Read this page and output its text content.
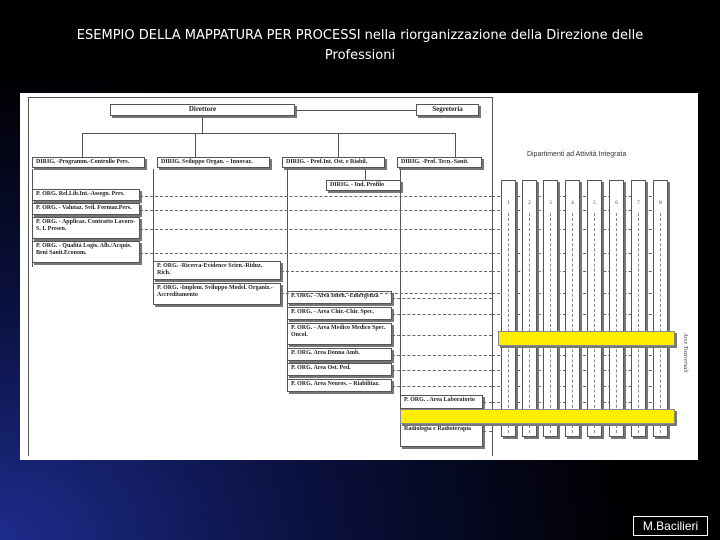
ESEMPIO DELLA MAPPATURA PER PROCESSI nella riorganizzazione della Direzione delle Professioni
Direttore	Segreteria
DIRIG. -Programm.-Controllo Pers.	DIRIG. Sviluppo Organ. – Innovaz.	DIRIG. - Prof.Int. Ost. e Riabil.	DIRIG. -Prof. Tecn.-Sanit.
DIRIG. - Ind. Profilo
P. ORG. Rel.Lib.Int.-Assegn. Pers.
P. ORG. - Valutaz. Svil. Formaz.Pers.
P. ORG. - Applicaz. Contratto Lavoro-S. I. Presen.
P. ORG. - Qualità Logis. Alb./Acquis. Beni Sanit.Econom.
P. ORG. -Ricerca-Evidence Scien.-Riduz. Rich.
P. ORG. -Implem. Sviluppo Model. Organiz.-Accreditamento	P. ORG. - Area Inten. -Emergenza
P. ORG. - Area Chir.-Chir. Spec.
P. ORG. - Area Medico Medico Spec. Oncol.
P. ORG. Area Donna Amb.
P. ORG. Area Ost. Ped.
P. ORG. Area Neuros. – Riabilitaz.
P. ORG. . Area Laboratorio
Radiologia e Radioterapia
Dipartimenti ad Attività Integrata
1	2	3	4	5	6	7	8
Aree Trasversali
M.Bacilieri
